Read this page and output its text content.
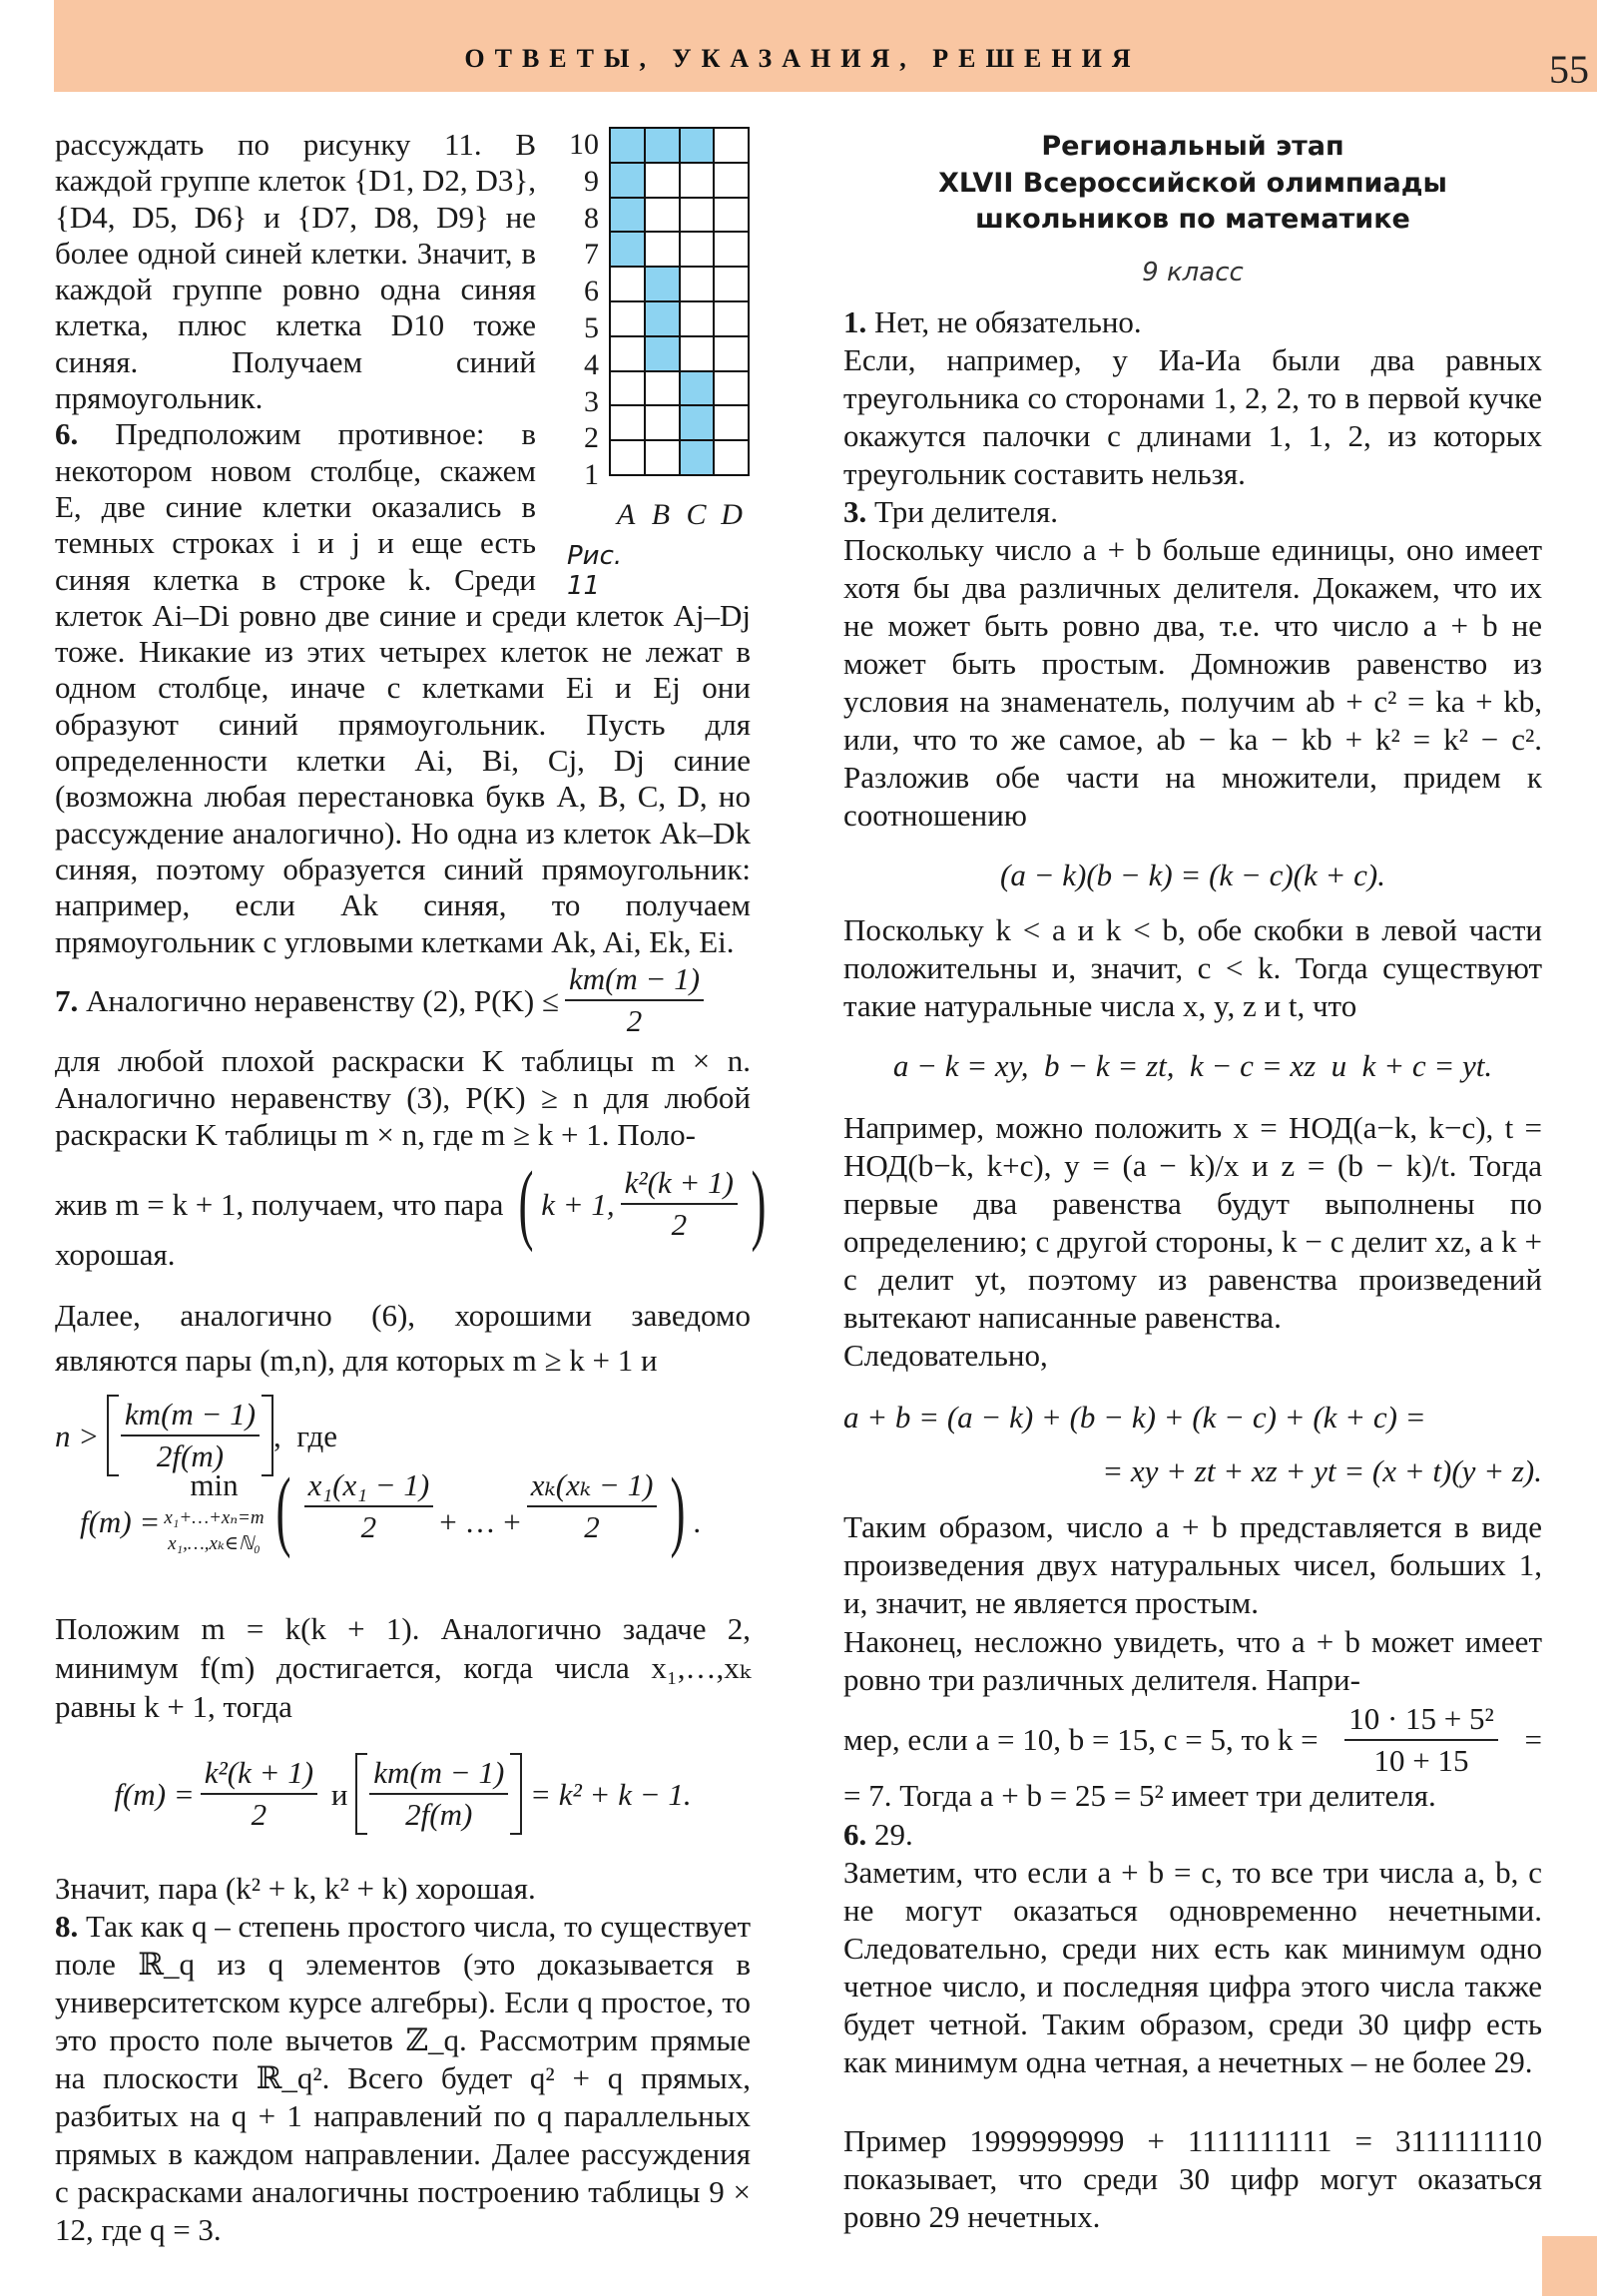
ОТВЕТЫ, УКАЗАНИЯ, РЕШЕНИЯ	55
Рис. 11
10
9
8
7
6
5
4
3
2
1
A B C D
рассуждать по рисунку 11. В каждой группе клеток {D1, D2, D3}, {D4, D5, D6} и {D7, D8, D9} не более одной синей клетки. Значит, в каждой группе ровно одна синяя клетка, плюс клетка D10 тоже синяя. Получаем синий прямоугольник.
6. Предположим противное: в некотором новом столбце, скажем E, две синие клетки оказались в темных строках i и j и еще есть синяя клетка в строке k. Среди клеток Ai–Di ровно две синие и среди клеток Aj–Dj тоже. Никакие из этих четырех клеток не лежат в одном столбце, иначе с клетками Ei и Ej они образуют синий прямоугольник. Пусть для определенности клетки Ai, Bi, Cj, Dj синие (возможна любая перестановка букв A, B, C, D, но рассуждение аналогично). Но одна из клеток Ak–Dk синяя, поэтому образуется синий прямоугольник: например, если Ak синяя, то получаем прямоугольник с угловыми клетками Ak, Ai, Ek, Ei.
7.
Аналогично неравенству (2), $P(K) \le \frac{km(m - 1)}{2}$
для любой плохой раскраски K таблицы m × n. Аналогично неравенству (3), P(K) ≥ n для любой раскраски K таблицы m × n, где m ≥ k + 1. Поло-
жив m = k + 1, получаем, что пара
( k + 1, $\frac{\text{k²(k + 1)}}{2}$ )
хорошая.
Далее, аналогично (6), хорошими заведомо являются пары (m,n), для которых m ≥ k + 1 и
n >
$\frac{km(m - 1)}{2f(m)}$ ,  где
f(m) =
min
x₁+…+xₙ=m
x₁,…,xₖ∈ℕ₀ ( $\frac{\text{x₁(x₁ − 1)}}{2}$ + … + $\frac{\text{xₖ(xₖ − 1)}}{2}$ ) .
Положим m = k(k + 1). Аналогично задаче 2, минимум f(m) достигается, когда числа x₁,…,xₖ равны k + 1, тогда
$f(m) = \frac{\text{k²(k + 1)}}{2}$
и
$\frac{km(m - 1)}{2f(m)}$
= k² + k − 1.
Значит, пара (k² + k, k² + k) хорошая.
8. Так как q – степень простого числа, то существует поле ℝ_q из q элементов (это доказывается в университетском курсе алгебры). Если q простое, то это просто поле вычетов ℤ_q. Рассмотрим прямые на плоскости ℝ_q². Всего будет q² + q прямых, разбитых на q + 1 направлений по q параллельных прямых в каждом направлении. Далее рассуждения с раскрасками аналогичны построению таблицы 9 × 12, где q = 3.
Региональный этап
XLVII Всероссийской олимпиады
школьников по математике
9 класс
1. Нет, не обязательно.
Если, например, у Иа-Иа были два равных треугольника со сторонами 1, 2, 2, то в первой кучке окажутся палочки с длинами 1, 1, 2, из которых треугольник составить нельзя.
3. Три делителя.
Поскольку число a + b больше единицы, оно имеет хотя бы два различных делителя. Докажем, что их не может быть ровно два, т.е. что число a + b не может быть простым. Домножив равенство из условия на знаменатель, получим ab + c² = ka + kb, или, что то же самое, ab − ka − kb + k² = k² − c². Разложив обе части на множители, придем к соотношению
(a − k)(b − k) = (k − c)(k + c).
Поскольку k < a и k < b, обе скобки в левой части положительны и, значит, c < k. Тогда существуют такие натуральные числа x, y, z и t, что
a − k = xy,  b − k = zt,  k − c = xz  и  k + c = yt.
Например, можно положить x = НОД(a−k, k−c), t = НОД(b−k, k+c), y = (a − k)/x и z = (b − k)/t. Тогда первые два равенства будут выполнены по определению; с другой стороны, k − c делит xz, а k + c делит yt, поэтому из равенства произведений вытекают написанные равенства.
Следовательно,
a + b = (a − k) + (b − k) + (k − c) + (k + c) =
= xy + zt + xz + yt = (x + t)(y + z).
Таким образом, число a + b представляется в виде произведения двух натуральных чисел, больших 1, и, значит, не является простым.
Наконец, несложно увидеть, что a + b может имеет ровно три различных делителя. Напри-
мер, если a = 10, b = 15, c = 5, то $k = \frac{\text{10 · 15 + 5²}}{10 + 15}$ =
= 7. Тогда a + b = 25 = 5² имеет три делителя.
6. 29.
Заметим, что если a + b = c, то все три числа a, b, c не могут оказаться одновременно нечетными. Следовательно, среди них есть как минимум одно четное число, и последняя цифра этого числа также будет четной. Таким образом, среди 30 цифр есть как минимум одна четная, а нечетных – не более 29.
Пример 1999999999 + 1111111111 = 3111111110 показывает, что среди 30 цифр могут оказаться ровно 29 нечетных.
